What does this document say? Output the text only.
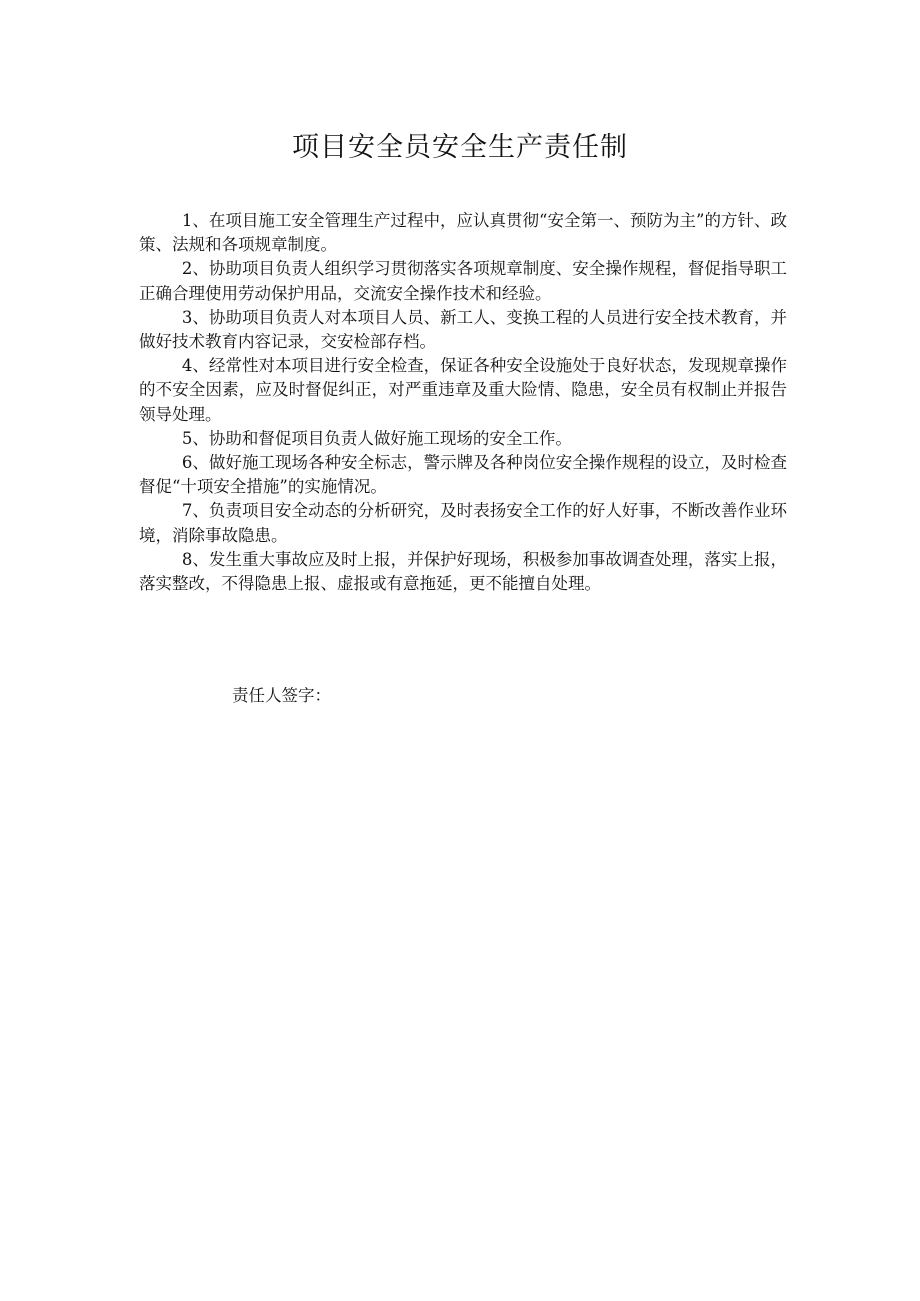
项目安全员安全生产责任制

1、在项目施工安全管理生产过程中，应认真贯彻“安全第一、预防为主”的方针、政策、法规和各项规章制度。

2、协助项目负责人组织学习贯彻落实各项规章制度、安全操作规程，督促指导职工正确合理使用劳动保护用品，交流安全操作技术和经验。

3、协助项目负责人对本项目人员、新工人、变换工程的人员进行安全技术教育，并做好技术教育内容记录，交安检部存档。

4、经常性对本项目进行安全检查，保证各种安全设施处于良好状态，发现规章操作的不安全因素，应及时督促纠正，对严重违章及重大险情、隐患，安全员有权制止并报告领导处理。

5、协助和督促项目负责人做好施工现场的安全工作。

6、做好施工现场各种安全标志，警示牌及各种岗位安全操作规程的设立，及时检查督促“十项安全措施”的实施情况。

7、负责项目安全动态的分析研究，及时表扬安全工作的好人好事，不断改善作业环境，消除事故隐患。

8、发生重大事故应及时上报，并保护好现场，积极参加事故调查处理，落实上报，落实整改，不得隐患上报、虚报或有意拖延，更不能擅自处理。

责任人签字：
